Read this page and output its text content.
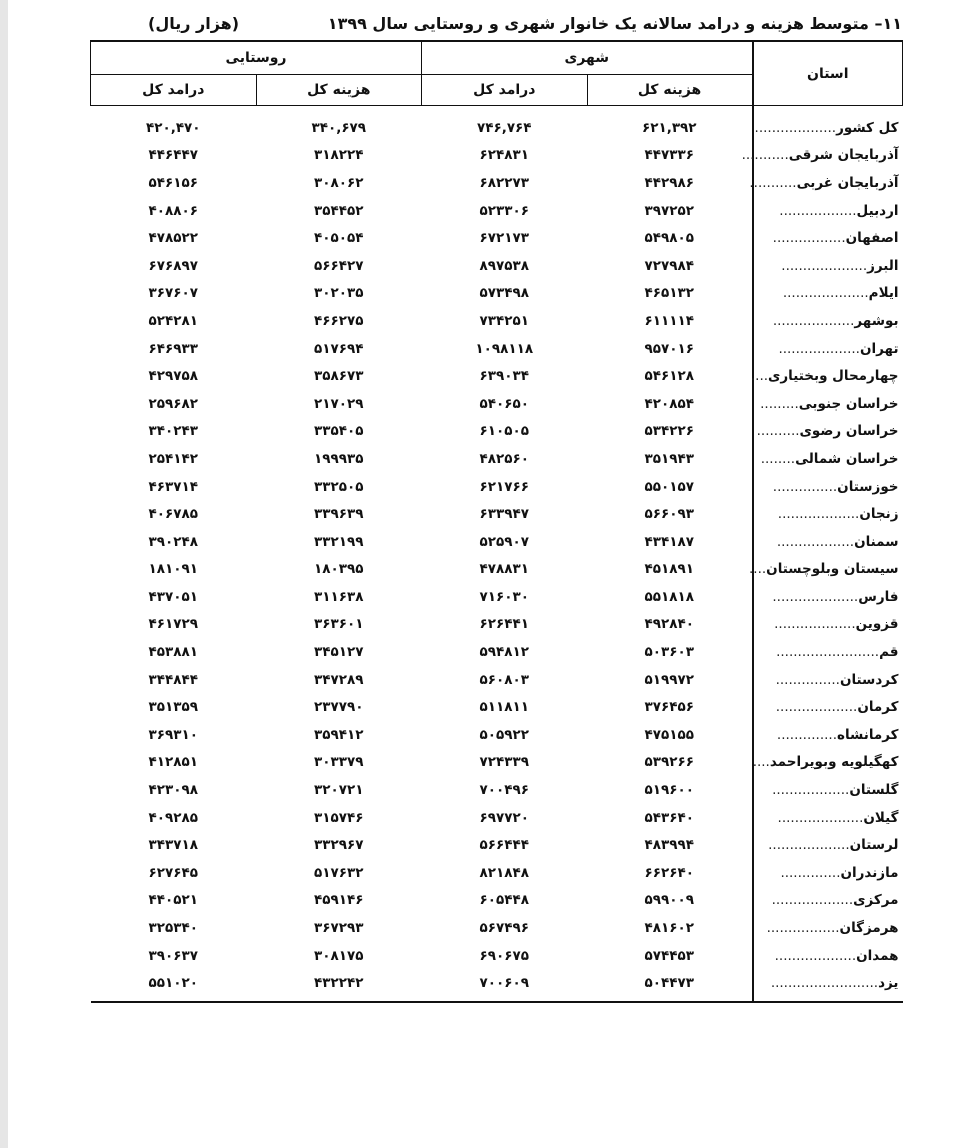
۱۱– متوسط هزینه و درامد سالانه یک خانوار شهری و روستایی سال ۱۳۹۹
(هزار ریال)
استان	شهری		روستایی	
	هزینه کل	درامد کل	هزینه کل	درامد کل
کل کشور...................	۶۲۱,۳۹۲	۷۴۶,۷۶۴	۳۴۰,۶۷۹	۴۲۰,۴۷۰
آذربایجان شرقی...........	۴۴۷۳۳۶	۶۲۴۸۳۱	۳۱۸۲۲۴	۴۴۶۴۴۷
آذربایجان غربی...........	۴۴۲۹۸۶	۶۸۲۲۷۳	۳۰۸۰۶۲	۵۴۶۱۵۶
اردبیل..................	۳۹۷۲۵۲	۵۲۳۳۰۶	۳۵۴۴۵۲	۴۰۸۸۰۶
اصفهان.................	۵۴۹۸۰۵	۶۷۲۱۷۳	۴۰۵۰۵۴	۴۷۸۵۲۲
البرز....................	۷۲۷۹۸۴	۸۹۷۵۳۸	۵۶۶۴۲۷	۶۷۶۸۹۷
ایلام....................	۴۶۵۱۳۲	۵۷۳۴۹۸	۳۰۲۰۳۵	۳۶۷۶۰۷
بوشهر...................	۶۱۱۱۱۴	۷۳۴۲۵۱	۴۶۶۲۷۵	۵۲۴۲۸۱
تهران...................	۹۵۷۰۱۶	۱۰۹۸۱۱۸	۵۱۷۶۹۴	۶۴۶۹۳۳
چهارمحال وبختیاری....	۵۴۶۱۲۸	۶۳۹۰۳۴	۳۵۸۶۷۳	۴۲۹۷۵۸
خراسان جنوبی.........	۴۲۰۸۵۴	۵۴۰۶۵۰	۲۱۷۰۲۹	۲۵۹۶۸۲
خراسان رضوی..........	۵۳۴۲۲۶	۶۱۰۵۰۵	۳۳۵۴۰۵	۳۴۰۲۴۳
خراسان شمالی........	۳۵۱۹۴۳	۴۸۲۵۶۰	۱۹۹۹۳۵	۲۵۴۱۴۲
خوزستان...............	۵۵۰۱۵۷	۶۲۱۷۶۶	۳۳۲۵۰۵	۴۶۳۷۱۴
زنجان...................	۵۶۶۰۹۳	۶۳۳۹۴۷	۳۳۹۶۳۹	۴۰۶۷۸۵
سمنان..................	۴۳۴۱۸۷	۵۲۵۹۰۷	۳۳۲۱۹۹	۳۹۰۲۴۸
سیستان وبلوچستان....	۴۵۱۸۹۱	۴۷۸۸۳۱	۱۸۰۳۹۵	۱۸۱۰۹۱
فارس....................	۵۵۱۸۱۸	۷۱۶۰۳۰	۳۱۱۶۳۸	۴۳۷۰۵۱
قزوین...................	۴۹۲۸۴۰	۶۲۶۴۴۱	۳۶۳۶۰۱	۴۶۱۷۲۹
قم........................	۵۰۳۶۰۳	۵۹۴۸۱۲	۳۴۵۱۲۷	۴۵۳۸۸۱
کردستان...............	۵۱۹۹۷۲	۵۶۰۸۰۳	۳۴۷۲۸۹	۳۴۴۸۴۴
کرمان...................	۳۷۶۴۵۶	۵۱۱۸۱۱	۲۳۷۷۹۰	۳۵۱۳۵۹
کرمانشاه..............	۴۷۵۱۵۵	۵۰۵۹۲۲	۳۵۹۴۱۲	۳۶۹۳۱۰
کهگیلویه وبویراحمد....	۵۳۹۲۶۶	۷۲۴۳۳۹	۳۰۳۳۷۹	۴۱۲۸۵۱
گلستان..................	۵۱۹۶۰۰	۷۰۰۴۹۶	۳۲۰۷۲۱	۴۲۳۰۹۸
گیلان....................	۵۴۳۶۴۰	۶۹۷۷۲۰	۳۱۵۷۴۶	۴۰۹۲۸۵
لرستان...................	۴۸۳۹۹۴	۵۶۶۴۴۴	۳۳۲۹۶۷	۳۴۳۷۱۸
مازندران..............	۶۶۲۶۴۰	۸۲۱۸۴۸	۵۱۷۶۳۲	۶۲۷۶۴۵
مرکزی...................	۵۹۹۰۰۹	۶۰۵۴۴۸	۴۵۹۱۴۶	۴۴۰۵۲۱
هرمزگان.................	۴۸۱۶۰۲	۵۶۷۴۹۶	۳۶۷۲۹۳	۳۲۵۳۴۰
همدان...................	۵۷۴۴۵۳	۶۹۰۶۷۵	۳۰۸۱۷۵	۳۹۰۶۳۷
یزد.........................	۵۰۴۴۷۳	۷۰۰۶۰۹	۴۳۲۲۴۲	۵۵۱۰۲۰
